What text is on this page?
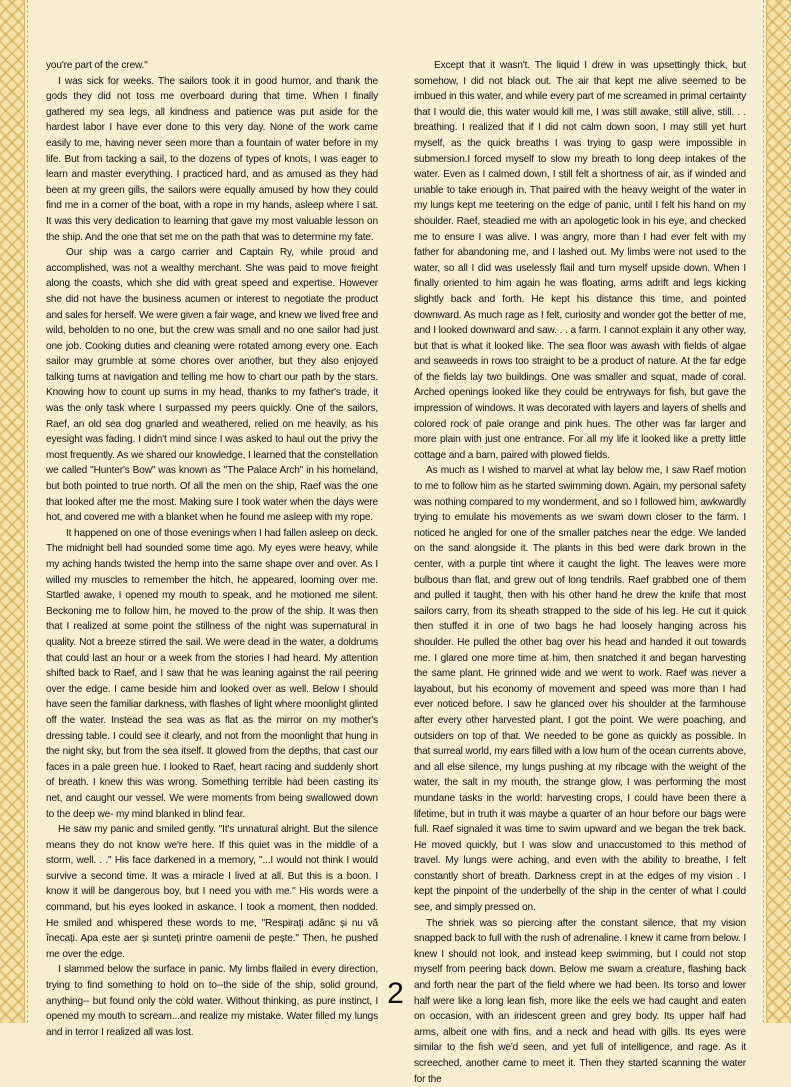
you're part of the crew."

I was sick for weeks. The sailors took it in good humor, and thank the gods they did not toss me overboard during that time. When I finally gathered my sea legs, all kindness and patience was put aside for the hardest labor I have ever done to this very day. None of the work came easily to me, having never seen more than a fountain of water before in my life. But from tacking a sail, to the dozens of types of knots, I was eager to learn and master everything. I practiced hard, and as amused as they had been at my green gills, the sailors were equally amused by how they could find me in a corner of the boat, with a rope in my hands, asleep where I sat. It was this very dedication to learning that gave my most valuable lesson on the ship. And the one that set me on the path that was to determine my fate.

Our ship was a cargo carrier and Captain Ry, while proud and accomplished, was not a wealthy merchant. She was paid to move freight along the coasts, which she did with great speed and expertise. However she did not have the business acumen or interest to negotiate the product and sales for herself. We were given a fair wage, and knew we lived free and wild, beholden to no one, but the crew was small and no one sailor had just one job. Cooking duties and cleaning were rotated among every one. Each sailor may grumble at some chores over another, but they also enjoyed talking turns at navigation and telling me how to chart our path by the stars. Knowing how to count up sums in my head, thanks to my father's trade, it was the only task where I surpassed my peers quickly. One of the sailors, Raef, an old sea dog gnarled and weathered, relied on me heavily, as his eyesight was fading. I didn't mind since I was asked to haul out the privy the most frequently. As we shared our knowledge, I learned that the constellation we called "Hunter's Bow" was known as "The Palace Arch" in his homeland, but both pointed to true north. Of all the men on the ship, Raef was the one that looked after me the most. Making sure I took water when the days were hot, and covered me with a blanket when he found me asleep with my rope.

It happened on one of those evenings when I had fallen asleep on deck. The midnight bell had sounded some time ago. My eyes were heavy, while my aching hands twisted the hemp into the same shape over and over. As I willed my muscles to remember the hitch, he appeared, looming over me. Startled awake, I opened my mouth to speak, and he motioned me silent. Beckoning me to follow him, he moved to the prow of the ship. It was then that I realized at some point the stillness of the night was supernatural in quality. Not a breeze stirred the sail. We were dead in the water, a doldrums that could last an hour or a week from the stories I had heard. My attention shifted back to Raef, and I saw that he was leaning against the rail peering over the edge. I came beside him and looked over as well. Below I should have seen the familiar darkness, with flashes of light where moonlight glinted off the water. Instead the sea was as flat as the mirror on my mother's dressing table. I could see it clearly, and not from the moonlight that hung in the night sky, but from the sea itself. It glowed from the depths, that cast our faces in a pale green hue. I looked to Raef, heart racing and suddenly short of breath. I knew this was wrong. Something terrible had been casting its net, and caught our vessel. We were moments from being swallowed down to the deep we- my mind blanked in blind fear.

He saw my panic and smiled gently. "It's unnatural alright. But the silence means they do not know we're here. If this quiet was in the middle of a storm, well. . ." His face darkened in a memory, "...I would not think I would survive a second time. It was a miracle I lived at all. But this is a boon. I know it will be dangerous boy, but I need you with me." His words were a command, but his eyes looked in askance. I took a moment, then nodded. He smiled and whispered these words to me, "Respirați adânc și nu vă înecați. Apa este aer și sunteți printre oamenii de pește." Then, he pushed me over the edge.

I slammed below the surface in panic. My limbs flailed in every direction, trying to find something to hold on to--the side of the ship, solid ground, anything-- but found only the cold water. Without thinking, as pure instinct, I opened my mouth to scream...and realize my mistake. Water filled my lungs and in terror I realized all was lost.

Except that it wasn't. The liquid I drew in was upsettingly thick, but somehow, I did not black out. The air that kept me alive seemed to be imbued in this water, and while every part of me screamed in primal certainty that I would die, this water would kill me, I was still awake, still alive, still. . . breathing. I realized that if I did not calm down soon, I may still yet hurt myself, as the quick breaths I was trying to gasp were impossible in submersion.I forced myself to slow my breath to long deep intakes of the water. Even as I calmed down, I still felt a shortness of air, as if winded and unable to take enough in. That paired with the heavy weight of the water in my lungs kept me teetering on the edge of panic, until I felt his hand on my shoulder. Raef, steadied me with an apologetic look in his eye, and checked me to ensure I was alive. I was angry, more than I had ever felt with my father for abandoning me, and I lashed out. My limbs were not used to the water, so all I did was uselessly flail and turn myself upside down. When I finally oriented to him again he was floating, arms adrift and legs kicking slightly back and forth. He kept his distance this time, and pointed downward. As much rage as I felt, curiosity and wonder got the better of me, and I looked downward and saw. . . a farm. I cannot explain it any other way, but that is what it looked like. The sea floor was awash with fields of algae and seaweeds in rows too straight to be a product of nature. At the far edge of the fields lay two buildings. One was smaller and squat, made of coral. Arched openings looked like they could be entryways for fish, but gave the impression of windows. It was decorated with layers and layers of shells and colored rock of pale orange and pink hues. The other was far larger and more plain with just one entrance. For all my life it looked like a pretty little cottage and a barn, paired with plowed fields.

As much as I wished to marvel at what lay below me, I saw Raef motion to me to follow him as he started swimming down. Again, my personal safety was nothing compared to my wonderment, and so I followed him, awkwardly trying to emulate his movements as we swam down closer to the farm. I noticed he angled for one of the smaller patches near the edge. We landed on the sand alongside it. The plants in this bed were dark brown in the center, with a purple tint where it caught the light. The leaves were more bulbous than flat, and grew out of long tendrils. Raef grabbed one of them and pulled it taught, then with his other hand he drew the knife that most sailors carry, from its sheath strapped to the side of his leg. He cut it quick then stuffed it in one of two bags he had loosely hanging across his shoulder. He pulled the other bag over his head and handed it out towards me. I glared one more time at him, then snatched it and began harvesting the same plant. He grinned wide and we went to work. Raef was never a layabout, but his economy of movement and speed was more than I had ever noticed before. I saw he glanced over his shoulder at the farmhouse after every other harvested plant. I got the point. We were poaching, and outsiders on top of that. We needed to be gone as quickly as possible. In that surreal world, my ears filled with a low hum of the ocean currents above, and all else silence, my lungs pushing at my ribcage with the weight of the water, the salt in my mouth, the strange glow, I was performing the most mundane tasks in the world: harvesting crops, I could have been there a lifetime, but in truth it was maybe a quarter of an hour before our bags were full. Raef signaled it was time to swim upward and we began the trek back. He moved quickly, but I was slow and unaccustomed to this method of travel. My lungs were aching, and even with the ability to breathe, I felt constantly short of breath. Darkness crept in at the edges of my vision . I kept the pinpoint of the underbelly of the ship in the center of what I could see, and simply pressed on.

The shriek was so piercing after the constant silence, that my vision snapped back to full with the rush of adrenaline. I knew it came from below. I knew I should not look, and instead keep swimming, but I could not stop myself from peering back down. Below me swam a creature, flashing back and forth near the part of the field where we had been. Its torso and lower half were like a long lean fish, more like the eels we had caught and eaten on occasion, with an iridescent green and grey body. Its upper half had arms, albeit one with fins, and a neck and head with gills. Its eyes were similar to the fish we'd seen, and yet full of intelligence, and rage. As it screeched, another came to meet it. Then they started scanning the water for the

2
